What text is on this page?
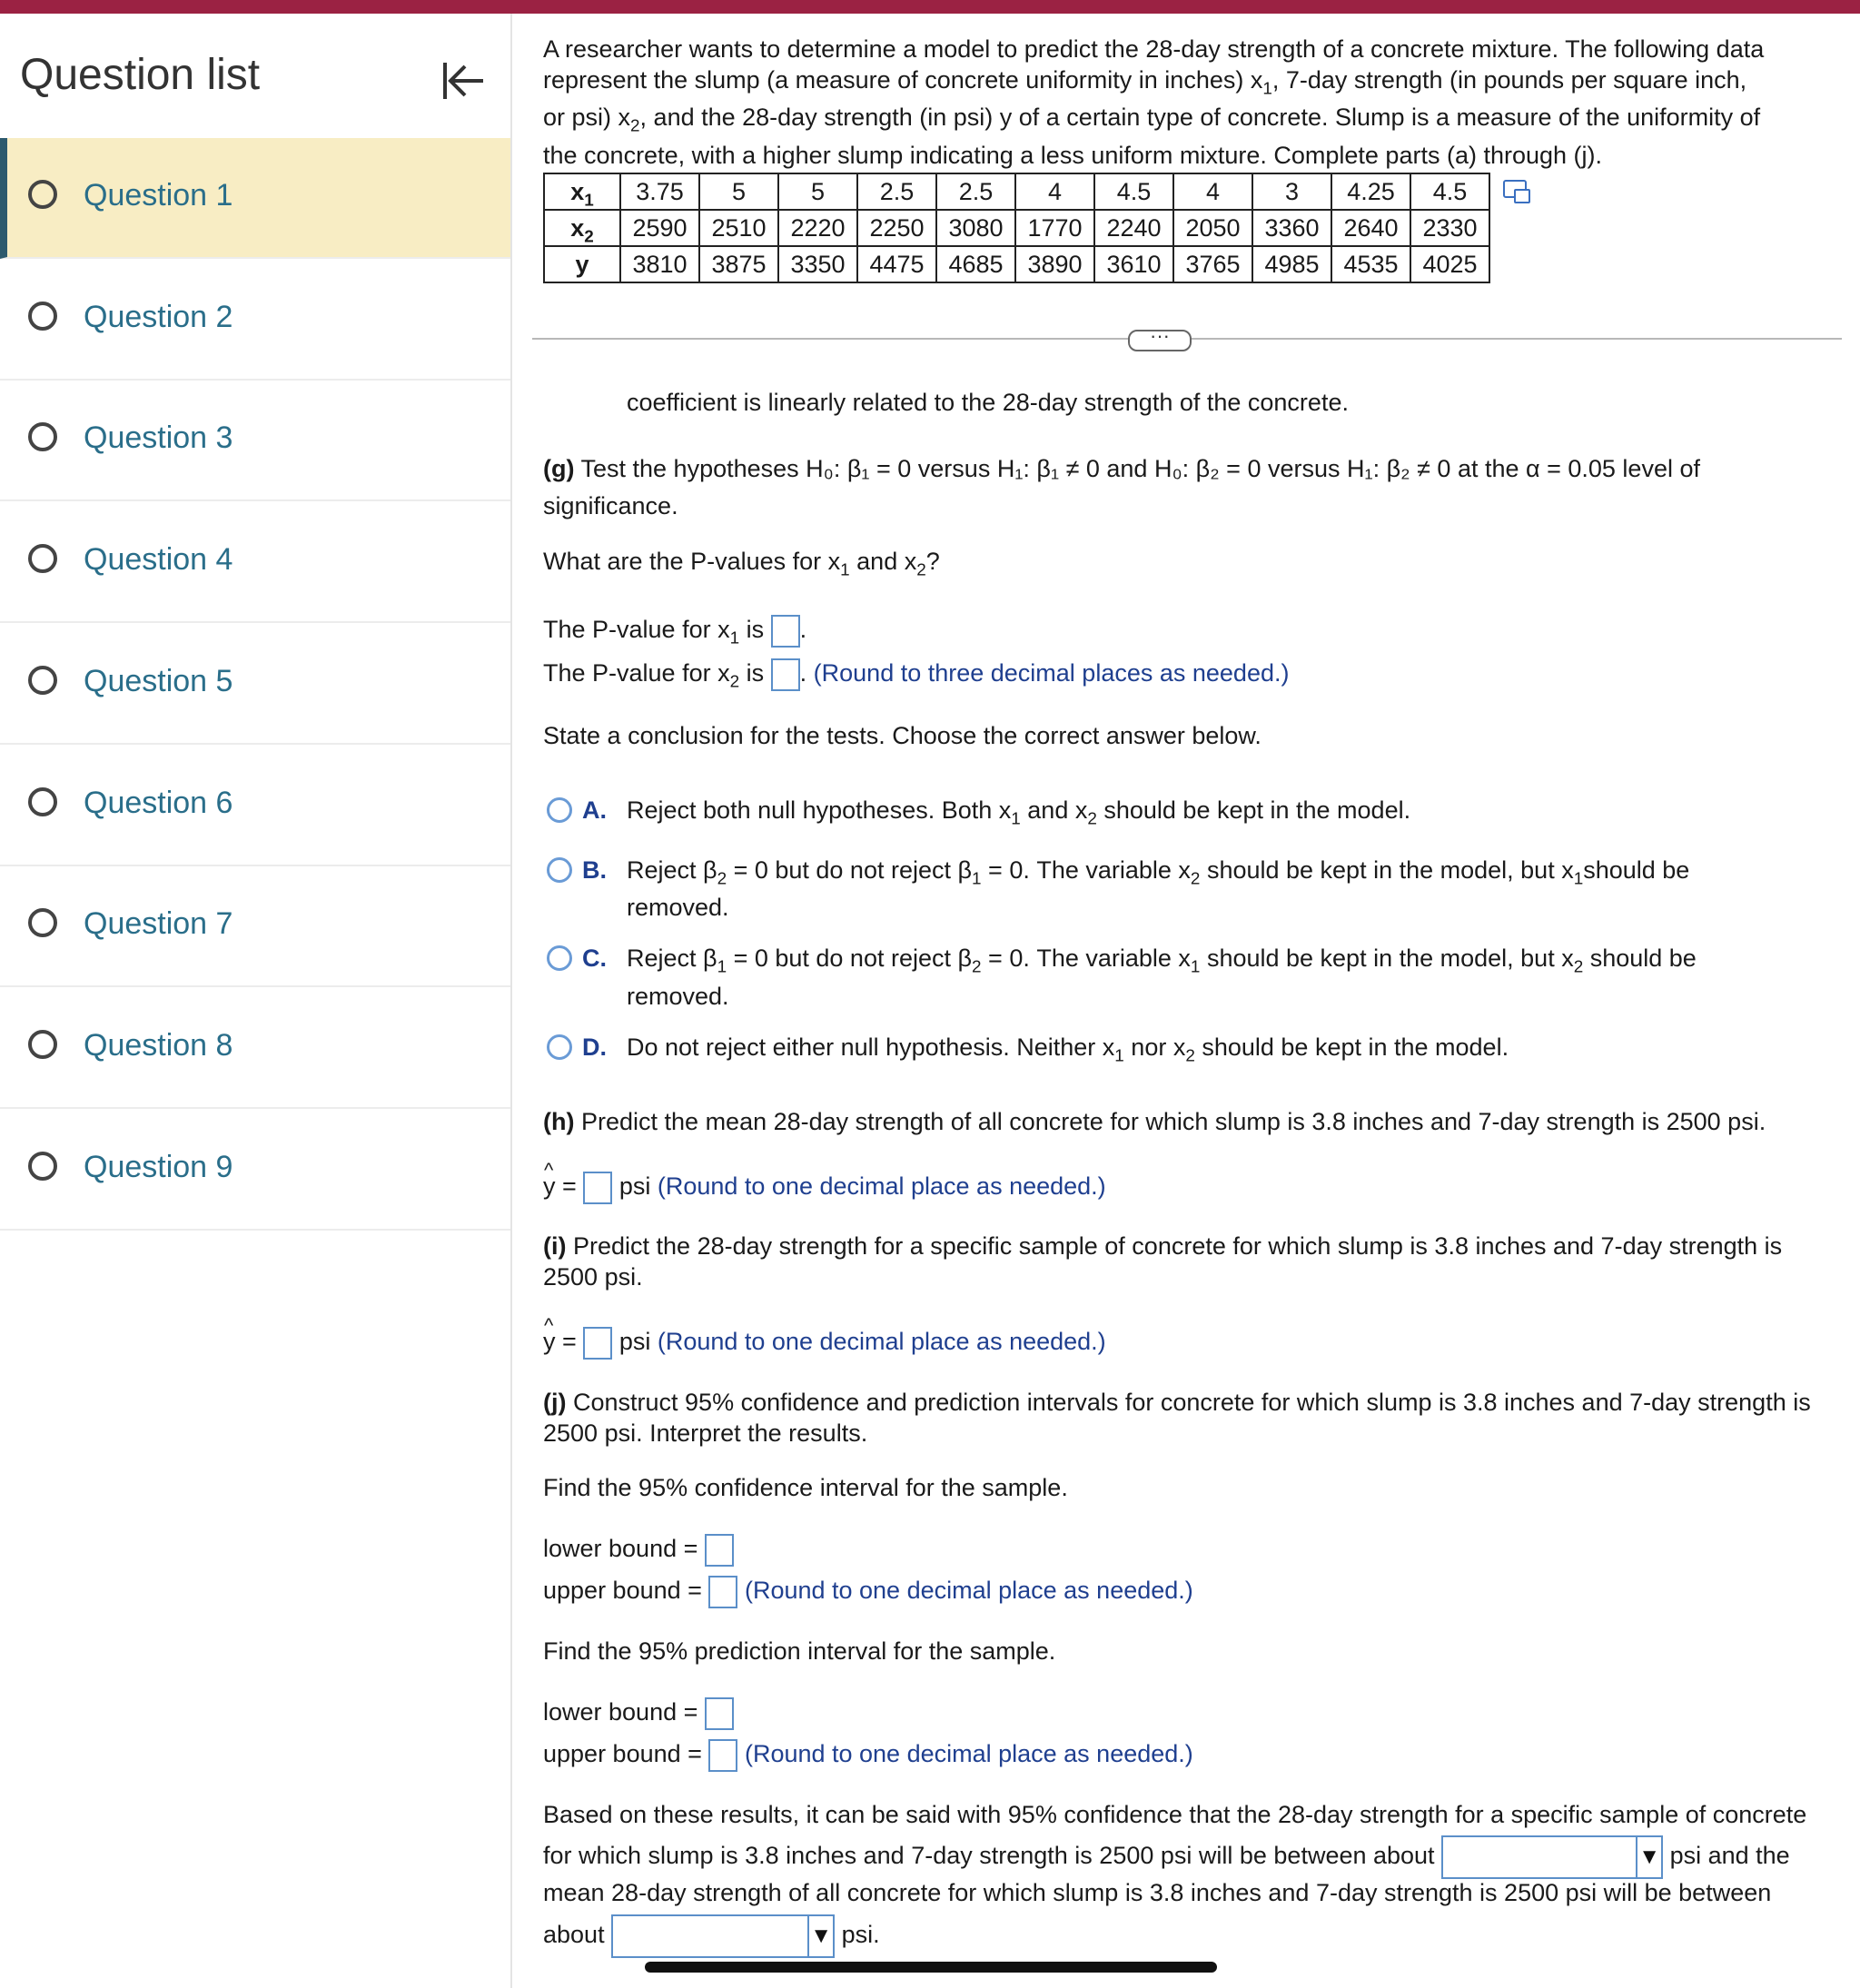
Question list
Question 1
Question 2
Question 3
Question 4
Question 5
Question 6
Question 7
Question 8
Question 9
A researcher wants to determine a model to predict the 28-day strength of a concrete mixture. The following data
represent the slump (a measure of concrete uniformity in inches) $x_1$, 7-day strength (in pounds per square inch,
or psi) $x_2$, and the 28-day strength (in psi) y of a certain type of concrete. Slump is a measure of the uniformity of
the concrete, with a higher slump indicating a less uniform mixture. Complete parts (a) through (j).
$x_1$	3.75	5	5	2.5	2.5	4	4.5	4	3	4.25	4.5
$x_2$	2590	2510	2220	2250	3080	1770	2240	2050	3360	2640	2330
y	3810	3875	3350	4475	4685	3890	3610	3765	4985	4535	4025
···
coefficient is linearly related to the 28-day strength of the concrete.
(g) Test the hypotheses H₀: β₁ = 0 versus H₁: β₁ ≠ 0 and H₀: β₂ = 0 versus H₁: β₂ ≠ 0 at the α = 0.05 level of
significance.
What are the P-values for $x_1$ and $x_2$?
The P-value for $x_1$ is .
The P-value for $x_2$ is . (Round to three decimal places as needed.)
State a conclusion for the tests. Choose the correct answer below.
A. Reject both null hypotheses. Both $x_1$ and $x_2$ should be kept in the model.
B. Reject $\beta_2 = 0$ but do not reject $\beta_1 = 0$. The variable $x_2$ should be kept in the model, but $x_1should$ be
removed.
C. Reject $\beta_1 = 0$ but do not reject $\beta_2 = 0$. The variable $x_1$ should be kept in the model, but $x_2$ should be
removed.
D. Do not reject either null hypothesis. Neither $x_1$ nor $x_2$ should be kept in the model.
(h) Predict the mean 28-day strength of all concrete for which slump is 3.8 inches and 7-day strength is 2500 psi.
^ y = psi (Round to one decimal place as needed.)
(i) Predict the 28-day strength for a specific sample of concrete for which slump is 3.8 inches and 7-day strength is
2500 psi.
^ y = psi (Round to one decimal place as needed.)
(j) Construct 95% confidence and prediction intervals for concrete for which slump is 3.8 inches and 7-day strength is
2500 psi. Interpret the results.
Find the 95% confidence interval for the sample.
lower bound =
upper bound = (Round to one decimal place as needed.)
Find the 95% prediction interval for the sample.
lower bound =
upper bound = (Round to one decimal place as needed.)
Based on these results, it can be said with 95% confidence that the 28-day strength for a specific sample of concrete
for which slump is 3.8 inches and 7-day strength is 2500 psi will be between about	▼ psi and the
mean 28-day strength of all concrete for which slump is 3.8 inches and 7-day strength is 2500 psi will be between
about	▼ psi.
